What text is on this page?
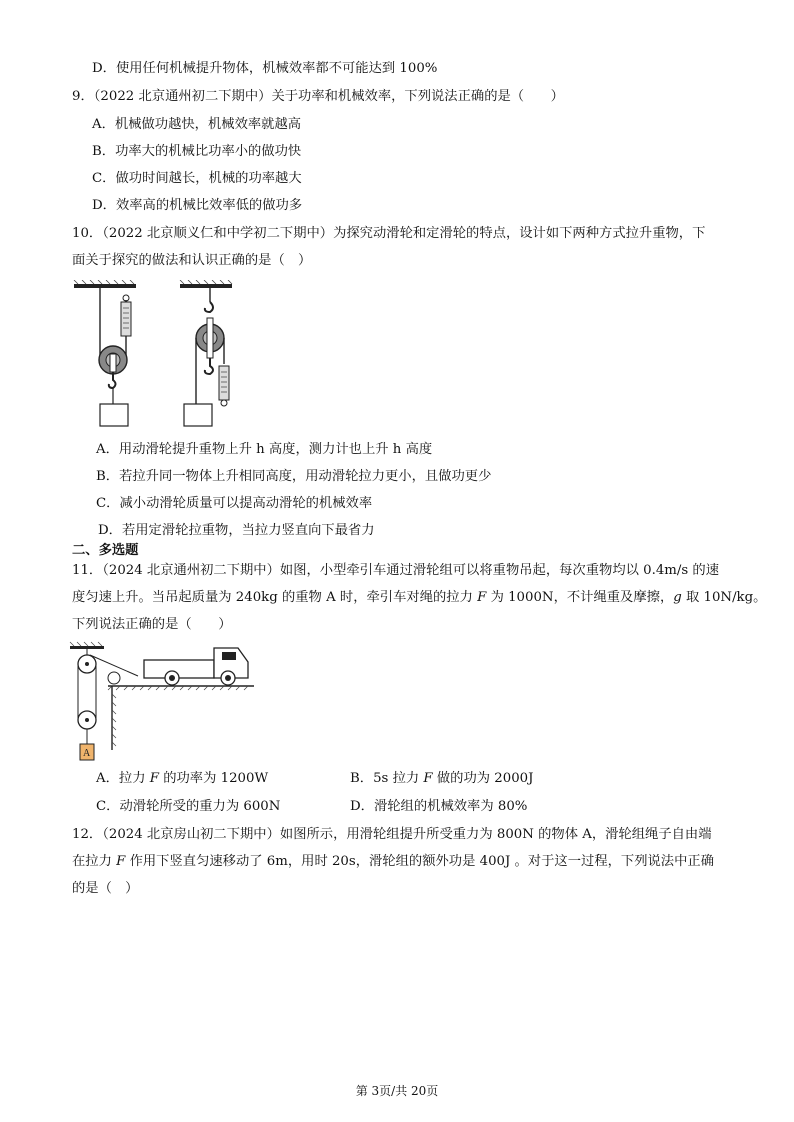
D．使用任何机械提升物体，机械效率都不可能达到 100%
9．（2022 北京通州初二下期中）关于功率和机械效率，下列说法正确的是（　　）
A．机械做功越快，机械效率就越高
B．功率大的机械比功率小的做功快
C．做功时间越长，机械的功率越大
D．效率高的机械比效率低的做功多
10．（2022 北京顺义仁和中学初二下期中）为探究动滑轮和定滑轮的特点，设计如下两种方式拉升重物，下
面关于探究的做法和认识正确的是（　）
A．用动滑轮提升重物上升 h 高度，测力计也上升 h 高度
B．若拉升同一物体上升相同高度，用动滑轮拉力更小，且做功更少
C．减小动滑轮质量可以提高动滑轮的机械效率
D．若用定滑轮拉重物，当拉力竖直向下最省力
二、多选题
11．（2024 北京通州初二下期中）如图，小型牵引车通过滑轮组可以将重物吊起，每次重物均以 0.4m/s 的速
度匀速上升。当吊起质量为 240kg 的重物 A 时，牵引车对绳的拉力 F 为 1000N，不计绳重及摩擦，g 取 10N/kg。
下列说法正确的是（　　）
A
A．拉力 F 的功率为 1200W	B．5s 拉力 F 做的功为 2000J
C．动滑轮所受的重力为 600N	D．滑轮组的机械效率为 80%
12．（2024 北京房山初二下期中）如图所示，用滑轮组提升所受重力为 800N 的物体 A，滑轮组绳子自由端
在拉力 F 作用下竖直匀速移动了 6m，用时 20s，滑轮组的额外功是 400J 。对于这一过程，下列说法中正确
的是（　）
第 3页/共 20页
